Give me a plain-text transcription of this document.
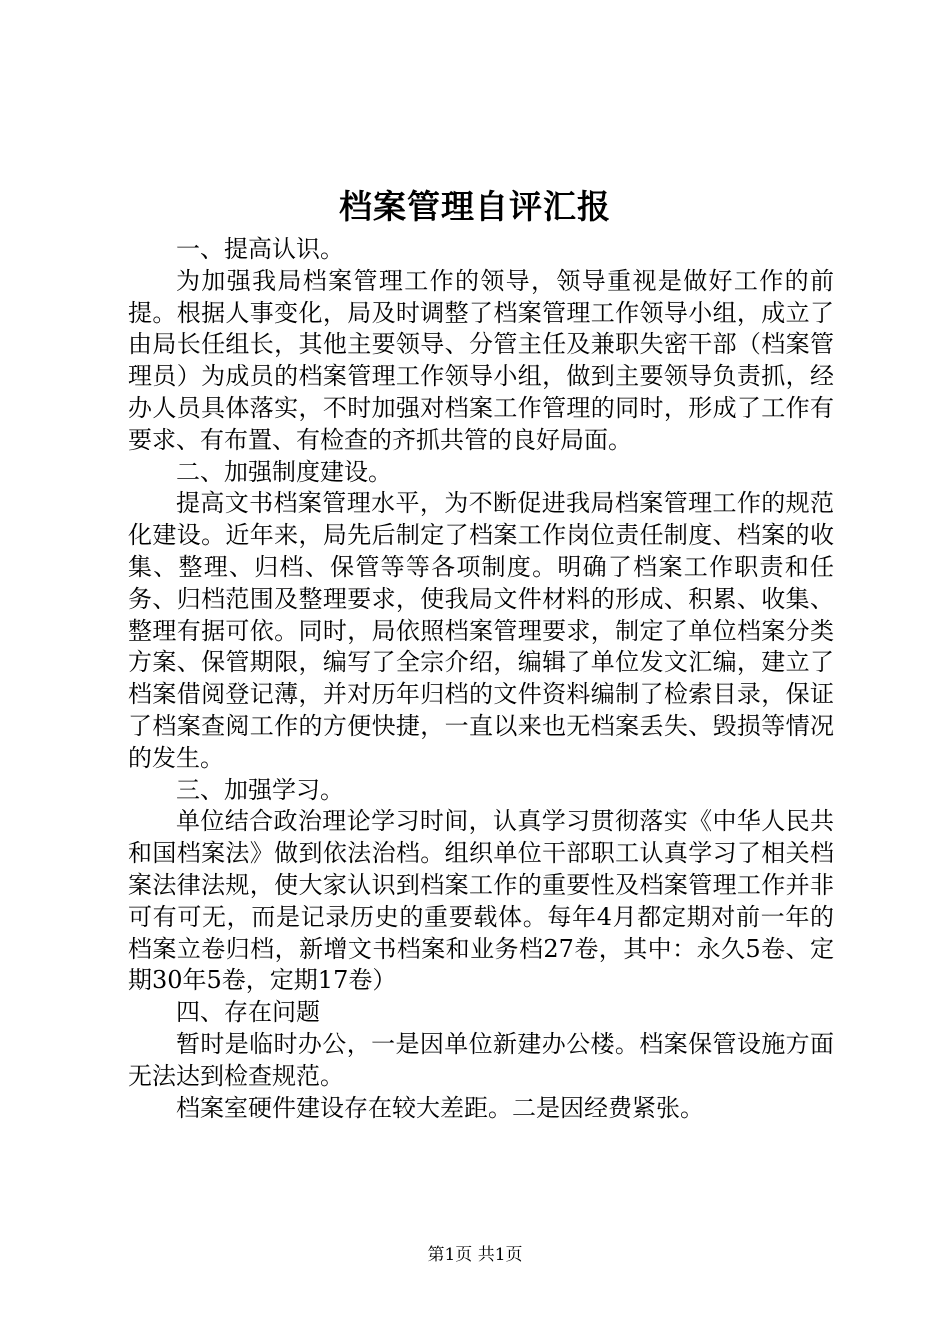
档案管理自评汇报

一、提高认识。

为加强我局档案管理工作的领导，领导重视是做好工作的前提。根据人事变化，局及时调整了档案管理工作领导小组，成立了由局长任组长，其他主要领导、分管主任及兼职失密干部（档案管理员）为成员的档案管理工作领导小组，做到主要领导负责抓，经办人员具体落实，不时加强对档案工作管理的同时，形成了工作有要求、有布置、有检查的齐抓共管的良好局面。

二、加强制度建设。

提高文书档案管理水平，为不断促进我局档案管理工作的规范化建设。近年来，局先后制定了档案工作岗位责任制度、档案的收集、整理、归档、保管等等各项制度。明确了档案工作职责和任务、归档范围及整理要求，使我局文件材料的形成、积累、收集、整理有据可依。同时，局依照档案管理要求，制定了单位档案分类方案、保管期限，编写了全宗介绍，编辑了单位发文汇编，建立了档案借阅登记薄，并对历年归档的文件资料编制了检索目录，保证了档案查阅工作的方便快捷，一直以来也无档案丢失、毁损等情况的发生。

三、加强学习。

单位结合政治理论学习时间，认真学习贯彻落实《中华人民共和国档案法》做到依法治档。组织单位干部职工认真学习了相关档案法律法规，使大家认识到档案工作的重要性及档案管理工作并非可有可无，而是记录历史的重要载体。每年4月都定期对前一年的档案立卷归档，新增文书档案和业务档27卷，其中：永久5卷、定期30年5卷，定期17卷）

四、存在问题

暂时是临时办公，一是因单位新建办公楼。档案保管设施方面无法达到检查规范。

档案室硬件建设存在较大差距。二是因经费紧张。

第1页 共1页
